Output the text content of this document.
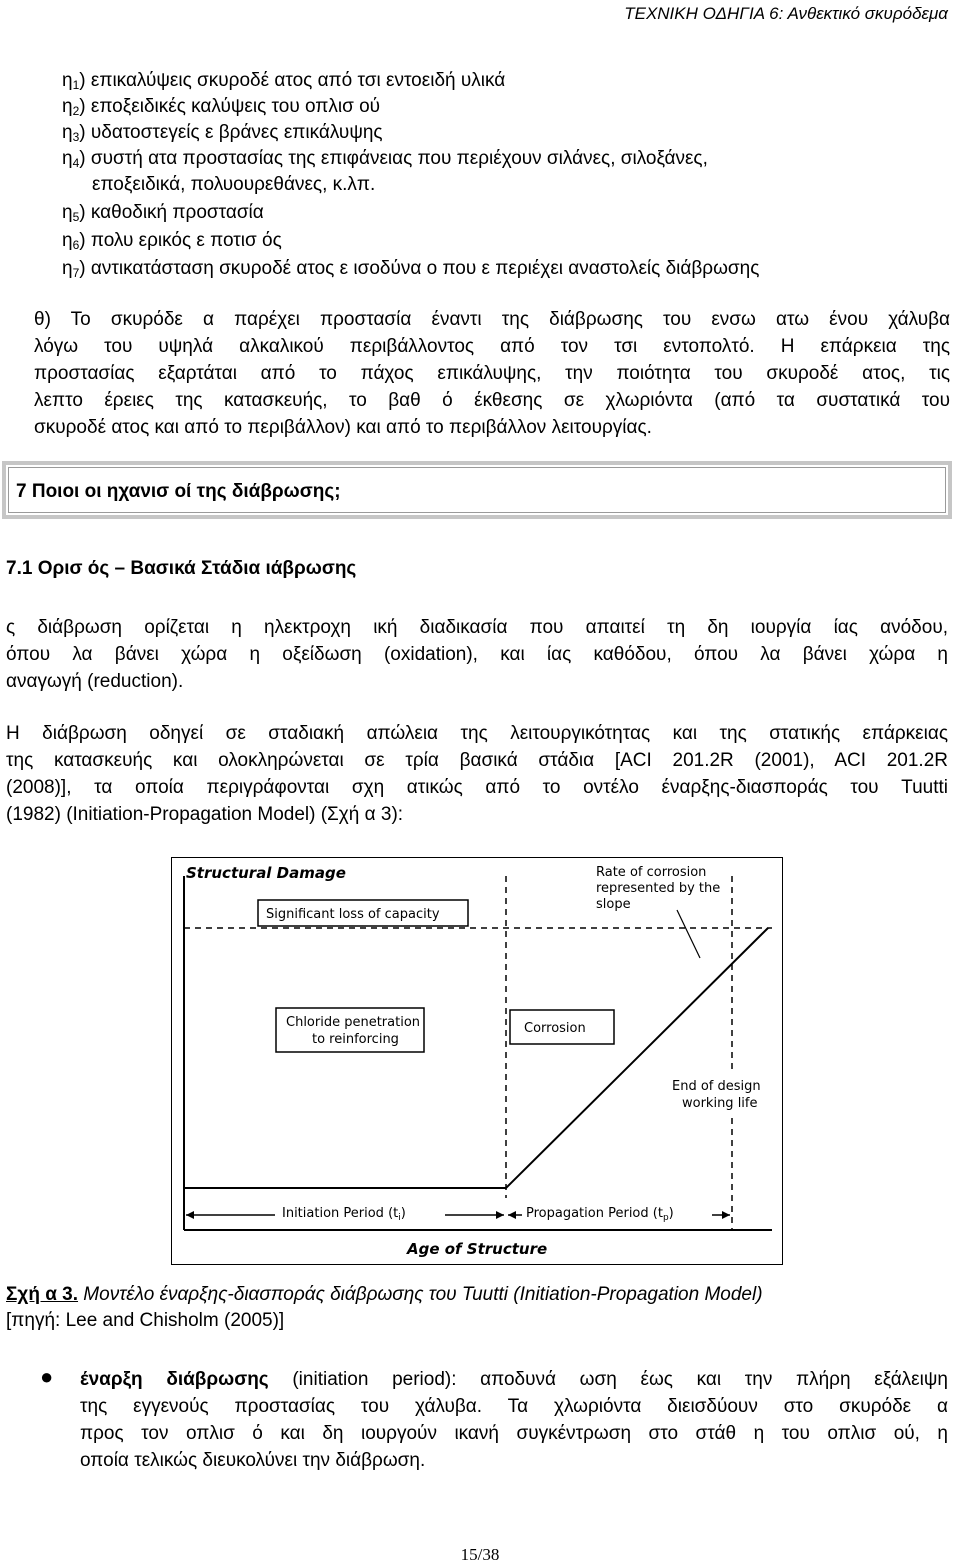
ΤΕΧΝΙΚΗ ΟΔΗΓΙΑ 6: Ανθεκτικό σκυρόδεμα
$\eta_1$) επικαλύψεις σκυροδέ ατος από τσι εντοειδή υλικά
$\eta_2$) εποξειδικές καλύψεις του οπλισ ού
$\eta_3$) υδατοστεγείς ε βράνες επικάλυψης
$\eta_4$) συστή ατα προστασίας της επιφάνειας που περιέχουν σιλάνες, σιλοξάνες,
εποξειδικά, πολυουρεθάνες, κ.λπ.
$\eta_5$) καθοδική προστασία
$\eta_6$) πολυ ερικός ε ποτισ ός
$\eta_7$) αντικατάσταση σκυροδέ ατος ε ισοδύνα ο που ε περιέχει αναστολείς διάβρωσης
θ) Το σκυρόδε α παρέχει προστασία έναντι της διάβρωσης του ενσω ατω ένου χάλυβα
λόγω του υψηλά αλκαλικού περιβάλλοντος από τον τσι εντοπολτό. Η επάρκεια της
προστασίας εξαρτάται από το πάχος επικάλυψης, την ποιότητα του σκυροδέ ατος, τις
λεπτο έρειες της κατασκευής, το βαθ ό έκθεσης σε χλωριόντα (από τα συστατικά του
σκυροδέ ατος και από το περιβάλλον) και από το περιβάλλον λειτουργίας.
7 Ποιοι οι ηχανισ οί της διάβρωσης;
7.1 Ορισ ός – Βασικά Στάδια ιάβρωσης
ς διάβρωση ορίζεται η ηλεκτροχη ική διαδικασία που απαιτεί τη δη ιουργία ίας ανόδου,
όπου λα βάνει χώρα η οξείδωση (oxidation), και ίας καθόδου, όπου λα βάνει χώρα η
αναγωγή (reduction).
Η διάβρωση οδηγεί σε σταδιακή απώλεια της λειτουργικότητας και της στατικής επάρκειας
της κατασκευής και ολοκληρώνεται σε τρία βασικά στάδια [ACI 201.2R (2001), ACI 201.2R
(2008)], τα οποία περιγράφονται σχη ατικώς από το οντέλο έναρξης-διασποράς του Tuutti
(1982) (Initiation-Propagation Model) (Σχή α 3):
Structural Damage
Significant loss of capacity
Rate of corrosion
represented by the
slope
Chloride penetration
to reinforcing
Corrosion
End of design
working life
Initiation Period $(t_i)$	Propagation Period $(t_p)$
Age of Structure
Σχή α 3. Μοντέλο έναρξης-διασποράς διάβρωσης του Tuutti (Initiation-Propagation Model)
[πηγή: Lee and Chisholm (2005)]
● έναρξη διάβρωσης (initiation period): αποδυνά ωση έως και την πλήρη εξάλειψη
της εγγενούς προστασίας του χάλυβα. Τα χλωριόντα διεισδύουν στο σκυρόδε α
προς τον οπλισ ό και δη ιουργούν ικανή συγκέντρωση στο στάθ η του οπλισ ού, η
οποία τελικώς διευκολύνει την διάβρωση.
15/38
